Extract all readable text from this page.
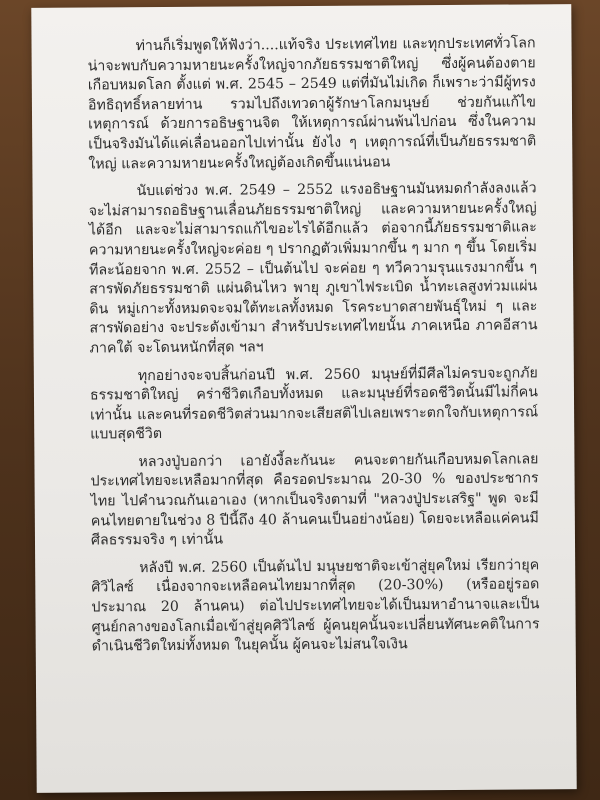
ท่านก็เริ่มพูดให้ฟังว่า....แท้จริง ประเทศไทย และทุกประเทศทั่วโลกน่าจะพบกับความหายนะครั้งใหญ่จากภัยธรรมชาติใหญ่ ซึ่งผู้คนต้องตายเกือบหมดโลก ตั้งแต่ พ.ศ. 2545 – 2549 แต่ที่มันไม่เกิด ก็เพราะว่ามีผู้ทรงอิทธิฤทธิ์หลายท่าน รวมไปถึงเทวดาผู้รักษาโลกมนุษย์ ช่วยกันแก้ไขเหตุการณ์ ด้วยการอธิษฐานจิต ให้เหตุการณ์ผ่านพ้นไปก่อน ซึ่งในความเป็นจริงมันได้แค่เลื่อนออกไปเท่านั้น ยังไง ๆ เหตุการณ์ที่เป็นภัยธรรมชาติใหญ่ และความหายนะครั้งใหญ่ต้องเกิดขึ้นแน่นอน

นับแต่ช่วง พ.ศ. 2549 – 2552 แรงอธิษฐานมันหมดกำลังลงแล้ว จะไม่สามารถอธิษฐานเลื่อนภัยธรรมชาติใหญ่ และความหายนะครั้งใหญ่ได้อีก และจะไม่สามารถแก้ไขอะไรได้อีกแล้ว ต่อจากนี้ภัยธรรมชาติและความหายนะครั้งใหญ่จะค่อย ๆ ปรากฏตัวเพิ่มมากขึ้น ๆ มาก ๆ ขึ้น โดยเริ่มทีละน้อยจาก พ.ศ. 2552 – เป็นต้นไป จะค่อย ๆ ทวีความรุนแรงมากขึ้น ๆ สารพัดภัยธรรมชาติ แผ่นดินไหว พายุ ภูเขาไฟระเบิด น้ำทะเลสูงท่วมแผ่นดิน หมู่เกาะทั้งหมดจะจมใต้ทะเลทั้งหมด โรคระบาดสายพันธุ์ใหม่ ๆ และสารพัดอย่าง จะประดังเข้ามา สำหรับประเทศไทยนั้น ภาคเหนือ ภาคอีสาน ภาคใต้ จะโดนหนักที่สุด ฯลฯ

ทุกอย่างจะจบสิ้นก่อนปี พ.ศ. 2560 มนุษย์ที่มีศีลไม่ครบจะถูกภัยธรรมชาติใหญ่ คร่าชีวิตเกือบทั้งหมด และมนุษย์ที่รอดชีวิตนั้นมีไม่กี่คนเท่านั้น และคนที่รอดชีวิตส่วนมากจะเสียสติไปเลยเพราะตกใจกับเหตุการณ์แบบสุดชีวิต

หลวงปู่บอกว่า เอายังงี้ละกันนะ คนจะตายกันเกือบหมดโลกเลย ประเทศไทยจะเหลือมากที่สุด คือรอดประมาณ 20-30 % ของประชากรไทย ไปคำนวณกันเอาเอง (หากเป็นจริงตามที่ "หลวงปู่ประเสริฐ" พูด จะมีคนไทยตายในช่วง 8 ปีนี้ถึง 40 ล้านคนเป็นอย่างน้อย) โดยจะเหลือแค่คนมีศีลธรรมจริง ๆ เท่านั้น

หลังปี พ.ศ. 2560 เป็นต้นไป มนุษยชาติจะเข้าสู่ยุคใหม่ เรียกว่ายุค ศิวิไลซ์ เนื่องจากจะเหลือคนไทยมากที่สุด (20-30%) (หรืออยู่รอดประมาณ 20 ล้านคน) ต่อไปประเทศไทยจะได้เป็นมหาอำนาจและเป็นศูนย์กลางของโลกเมื่อเข้าสู่ยุคศิวิไลซ์ ผู้คนยุคนั้นจะเปลี่ยนทัศนะคติในการดำเนินชีวิตใหม่ทั้งหมด ในยุคนั้น ผู้คนจะไม่สนใจเงิน
